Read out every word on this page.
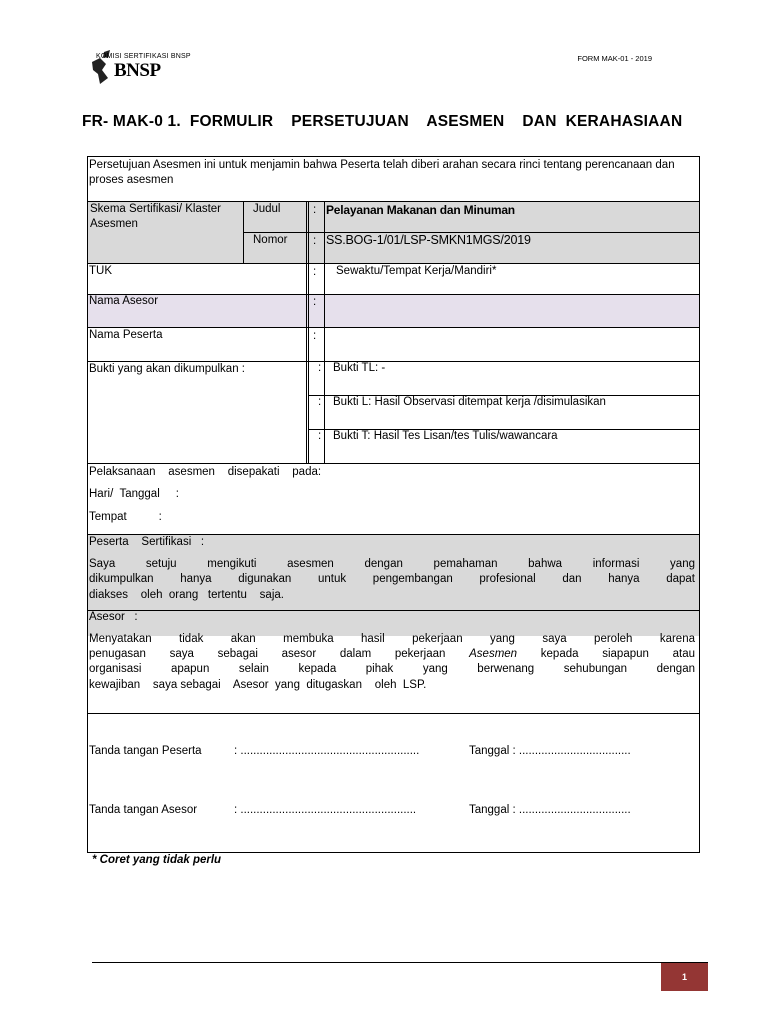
KOMISI SERTIFIKASI BNSP
BNSP
FORM MAK-01 - 2019
FR- MAK-0 1.  FORMULIR    PERSETUJUAN    ASESMEN    DAN  KERAHASIAAN
Persetujuan Asesmen ini untuk menjamin bahwa Peserta telah diberi arahan secara rinci tentang perencanaan dan proses asesmen
Skema Sertifikasi/ Klaster Asesmen
Judul	: Pelayanan Makanan dan Minuman
Nomor : SS.BOG-1/01/LSP-SMKN1MGS/2019
TUK	: Sewaktu/Tempat Kerja/Mandiri*
Nama Asesor	:
Nama Peserta	:
Bukti yang akan dikumpulkan :	: Bukti TL: -
: Bukti L: Hasil Observasi ditempat kerja /disimulasikan
: Bukti T: Hasil Tes Lisan/tes Tulis/wawancara
Pelaksanaan    asesmen    disepakati    pada:
Hari/  Tanggal     :
Tempat          :
Peserta    Sertifikasi   :
Saya setuju mengikuti asesmen dengan pemahaman bahwa informasi yang
dikumpulkan hanya digunakan untuk pengembangan profesional dan hanya dapat
diakses    oleh  orang   tertentu    saja.
Asesor   :
Menyatakan tidak akan membuka hasil pekerjaan yang saya peroleh karena
penugasan saya sebagai asesor dalam pekerjaan Asesmen kepada siapapun atau
organisasi apapun selain kepada pihak yang berwenang sehubungan dengan
kewajiban    saya sebagai    Asesor  yang  ditugaskan    oleh  LSP.
Tanda tangan Peserta	: ........................................................	Tanggal : ...................................
Tanda tangan Asesor	: .......................................................	Tanggal : ...................................
* Coret yang tidak perlu
1
